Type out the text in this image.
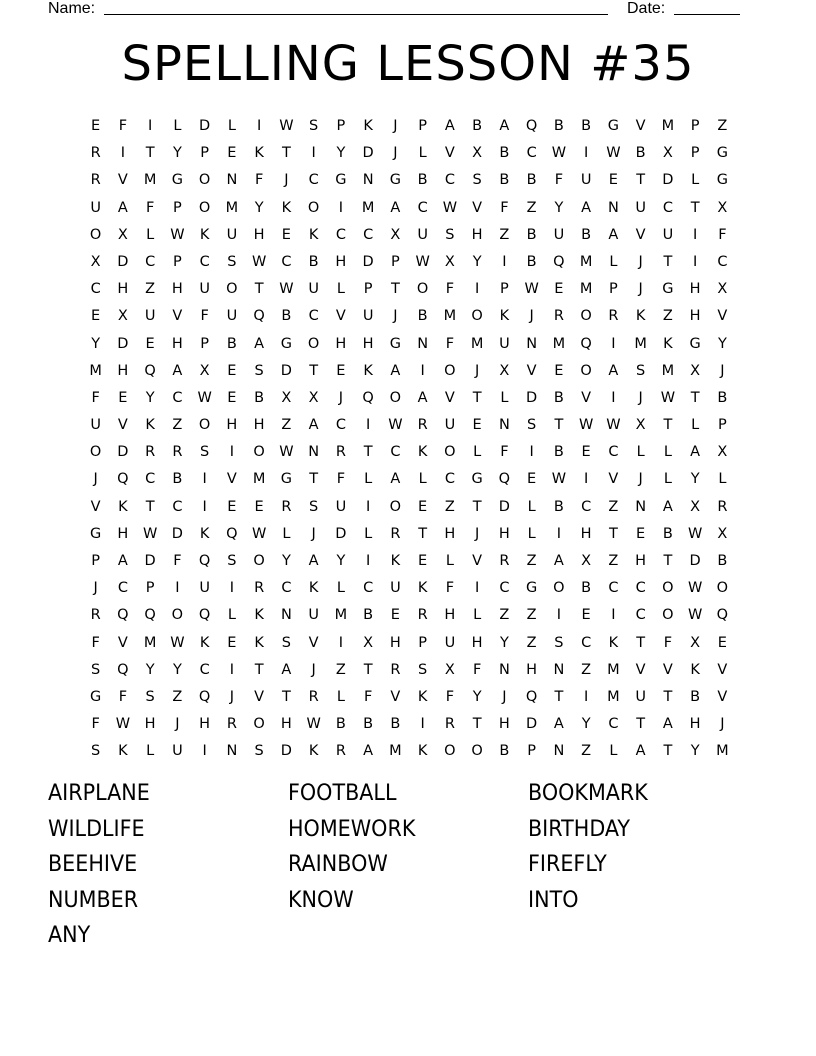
Name:	Date:
SPELLING LESSON #35
E	F	I	L	D	L	I	W	S	P	K	J	P	A	B	A	Q	B	B	G	V	M	P	Z
R	I	T	Y	P	E	K	T	I	Y	D	J	L	V	X	B	C	W	I	W	B	X	P	G
R	V	M	G	O	N	F	J	C	G	N	G	B	C	S	B	B	F	U	E	T	D	L	G
U	A	F	P	O	M	Y	K	O	I	M	A	C	W	V	F	Z	Y	A	N	U	C	T	X
O	X	L	W	K	U	H	E	K	C	C	X	U	S	H	Z	B	U	B	A	V	U	I	F
X	D	C	P	C	S	W	C	B	H	D	P	W	X	Y	I	B	Q	M	L	J	T	I	C
C	H	Z	H	U	O	T	W	U	L	P	T	O	F	I	P	W	E	M	P	J	G	H	X
E	X	U	V	F	U	Q	B	C	V	U	J	B	M	O	K	J	R	O	R	K	Z	H	V
Y	D	E	H	P	B	A	G	O	H	H	G	N	F	M	U	N	M	Q	I	M	K	G	Y
M	H	Q	A	X	E	S	D	T	E	K	A	I	O	J	X	V	E	O	A	S	M	X	J
F	E	Y	C	W	E	B	X	X	J	Q	O	A	V	T	L	D	B	V	I	J	W	T	B
U	V	K	Z	O	H	H	Z	A	C	I	W	R	U	E	N	S	T	W W	X	T	L	P
O	D	R	R	S	I	O W	N	R	T	C	K	O	L	F	I	B	E	C	L	L	A	X
J	Q	C	B	I	V	M	G	T	F	L	A	L	C	G	Q	E	W	I	V	J	L	Y	L
V	K	T	C	I	E	E	R	S	U	I	O	E	Z	T	D	L	B	C	Z	N	A	X	R
G	H	W D	K	Q W	L	J	D	L	R	T	H	J	H	L	I	H	T	E	B	W	X
P	A	D	F	Q	S	O	Y	A	Y	I	K	E	L	V	R	Z	A	X	Z	H	T	D	B
J	C	P	I	U	I	R	C	K	L	C	U	K	F	I	C	G	O	B	C	C	O W O
R	Q	Q	O	Q	L	K	N	U	M	B	E	R	H	L	Z	Z	I	E	I	C	O W Q
F	V	M W	K	E	K	S	V	I	X	H	P	U	H	Y	Z	S	C	K	T	F	X	E
S	Q	Y	Y	C	I	T	A	J	Z	T	R	S	X	F	N	H	N	Z	M	V	V	K	V
G	F	S	Z	Q	J	V	T	R	L	F	V	K	F	Y	J	Q	T	I	M	U	T	B	V
F	W	H	J	H	R	O	H	W	B	B	B	I	R	T	H	D	A	Y	C	T	A	H	J
S	K	L	U	I	N	S	D	K	R	A	M	K	O	O	B	P	N	Z	L	A	T	Y	M
AIRPLANE	FOOTBALL	BOOKMARK
WILDLIFE	HOMEWORK	BIRTHDAY
BEEHIVE	RAINBOW	FIREFLY
NUMBER	KNOW	INTO
ANY
